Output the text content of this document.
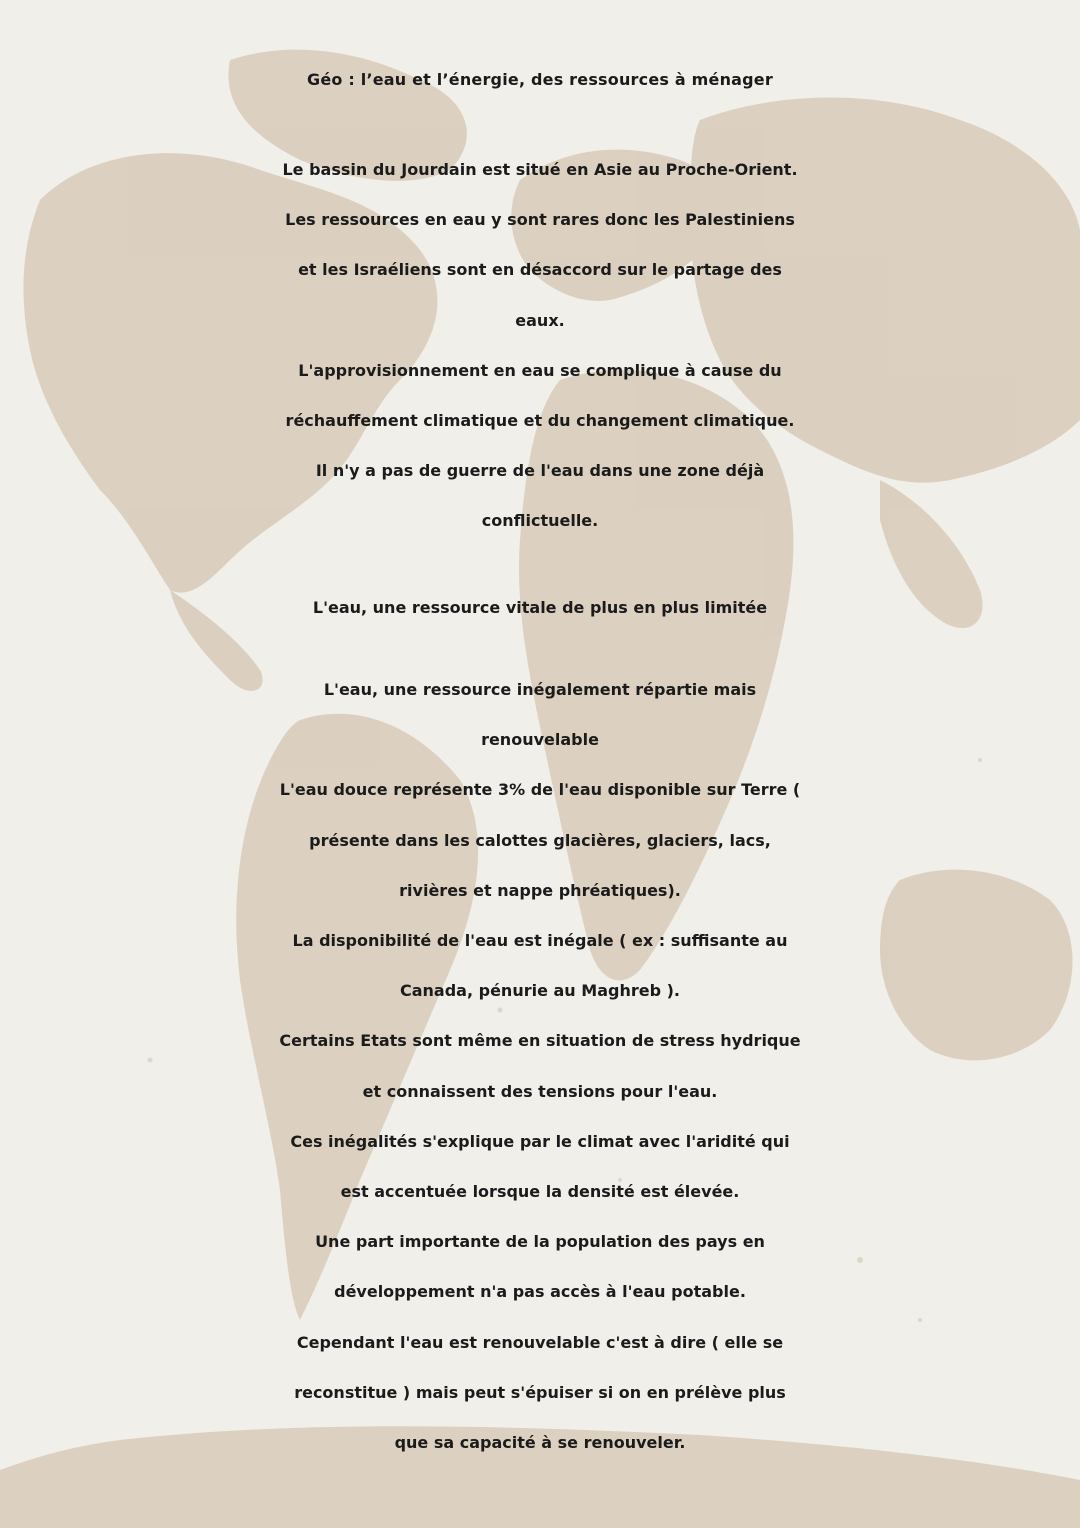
Géo : l’eau et l’énergie, des ressources à ménager

Le bassin du Jourdain est situé en Asie au Proche-Orient.
Les ressources en eau y sont rares donc les Palestiniens
et les Israéliens sont en désaccord sur le partage des
eaux.
L'approvisionnement en eau se complique à cause du
réchauffement climatique et du changement climatique.
Il n'y a pas de guerre de l'eau dans une zone déjà
conflictuelle.

L'eau, une ressource vitale de plus en plus limitée

L'eau, une ressource inégalement répartie mais
renouvelable
L'eau douce représente 3% de l'eau disponible sur Terre (
présente dans les calottes glacières, glaciers, lacs,
rivières et nappe phréatiques).
La disponibilité de l'eau est inégale ( ex : suffisante au
Canada, pénurie au Maghreb ).
Certains Etats sont même en situation de stress hydrique
et connaissent des tensions pour l'eau.
Ces inégalités s'explique par le climat avec l'aridité qui
est accentuée lorsque la densité est élevée.
Une part importante de la population des pays en
développement n'a pas accès à l'eau potable.
Cependant l'eau est renouvelable c'est à dire ( elle se
reconstitue ) mais peut s'épuiser si on en prélève plus
que sa capacité à se renouveler.
